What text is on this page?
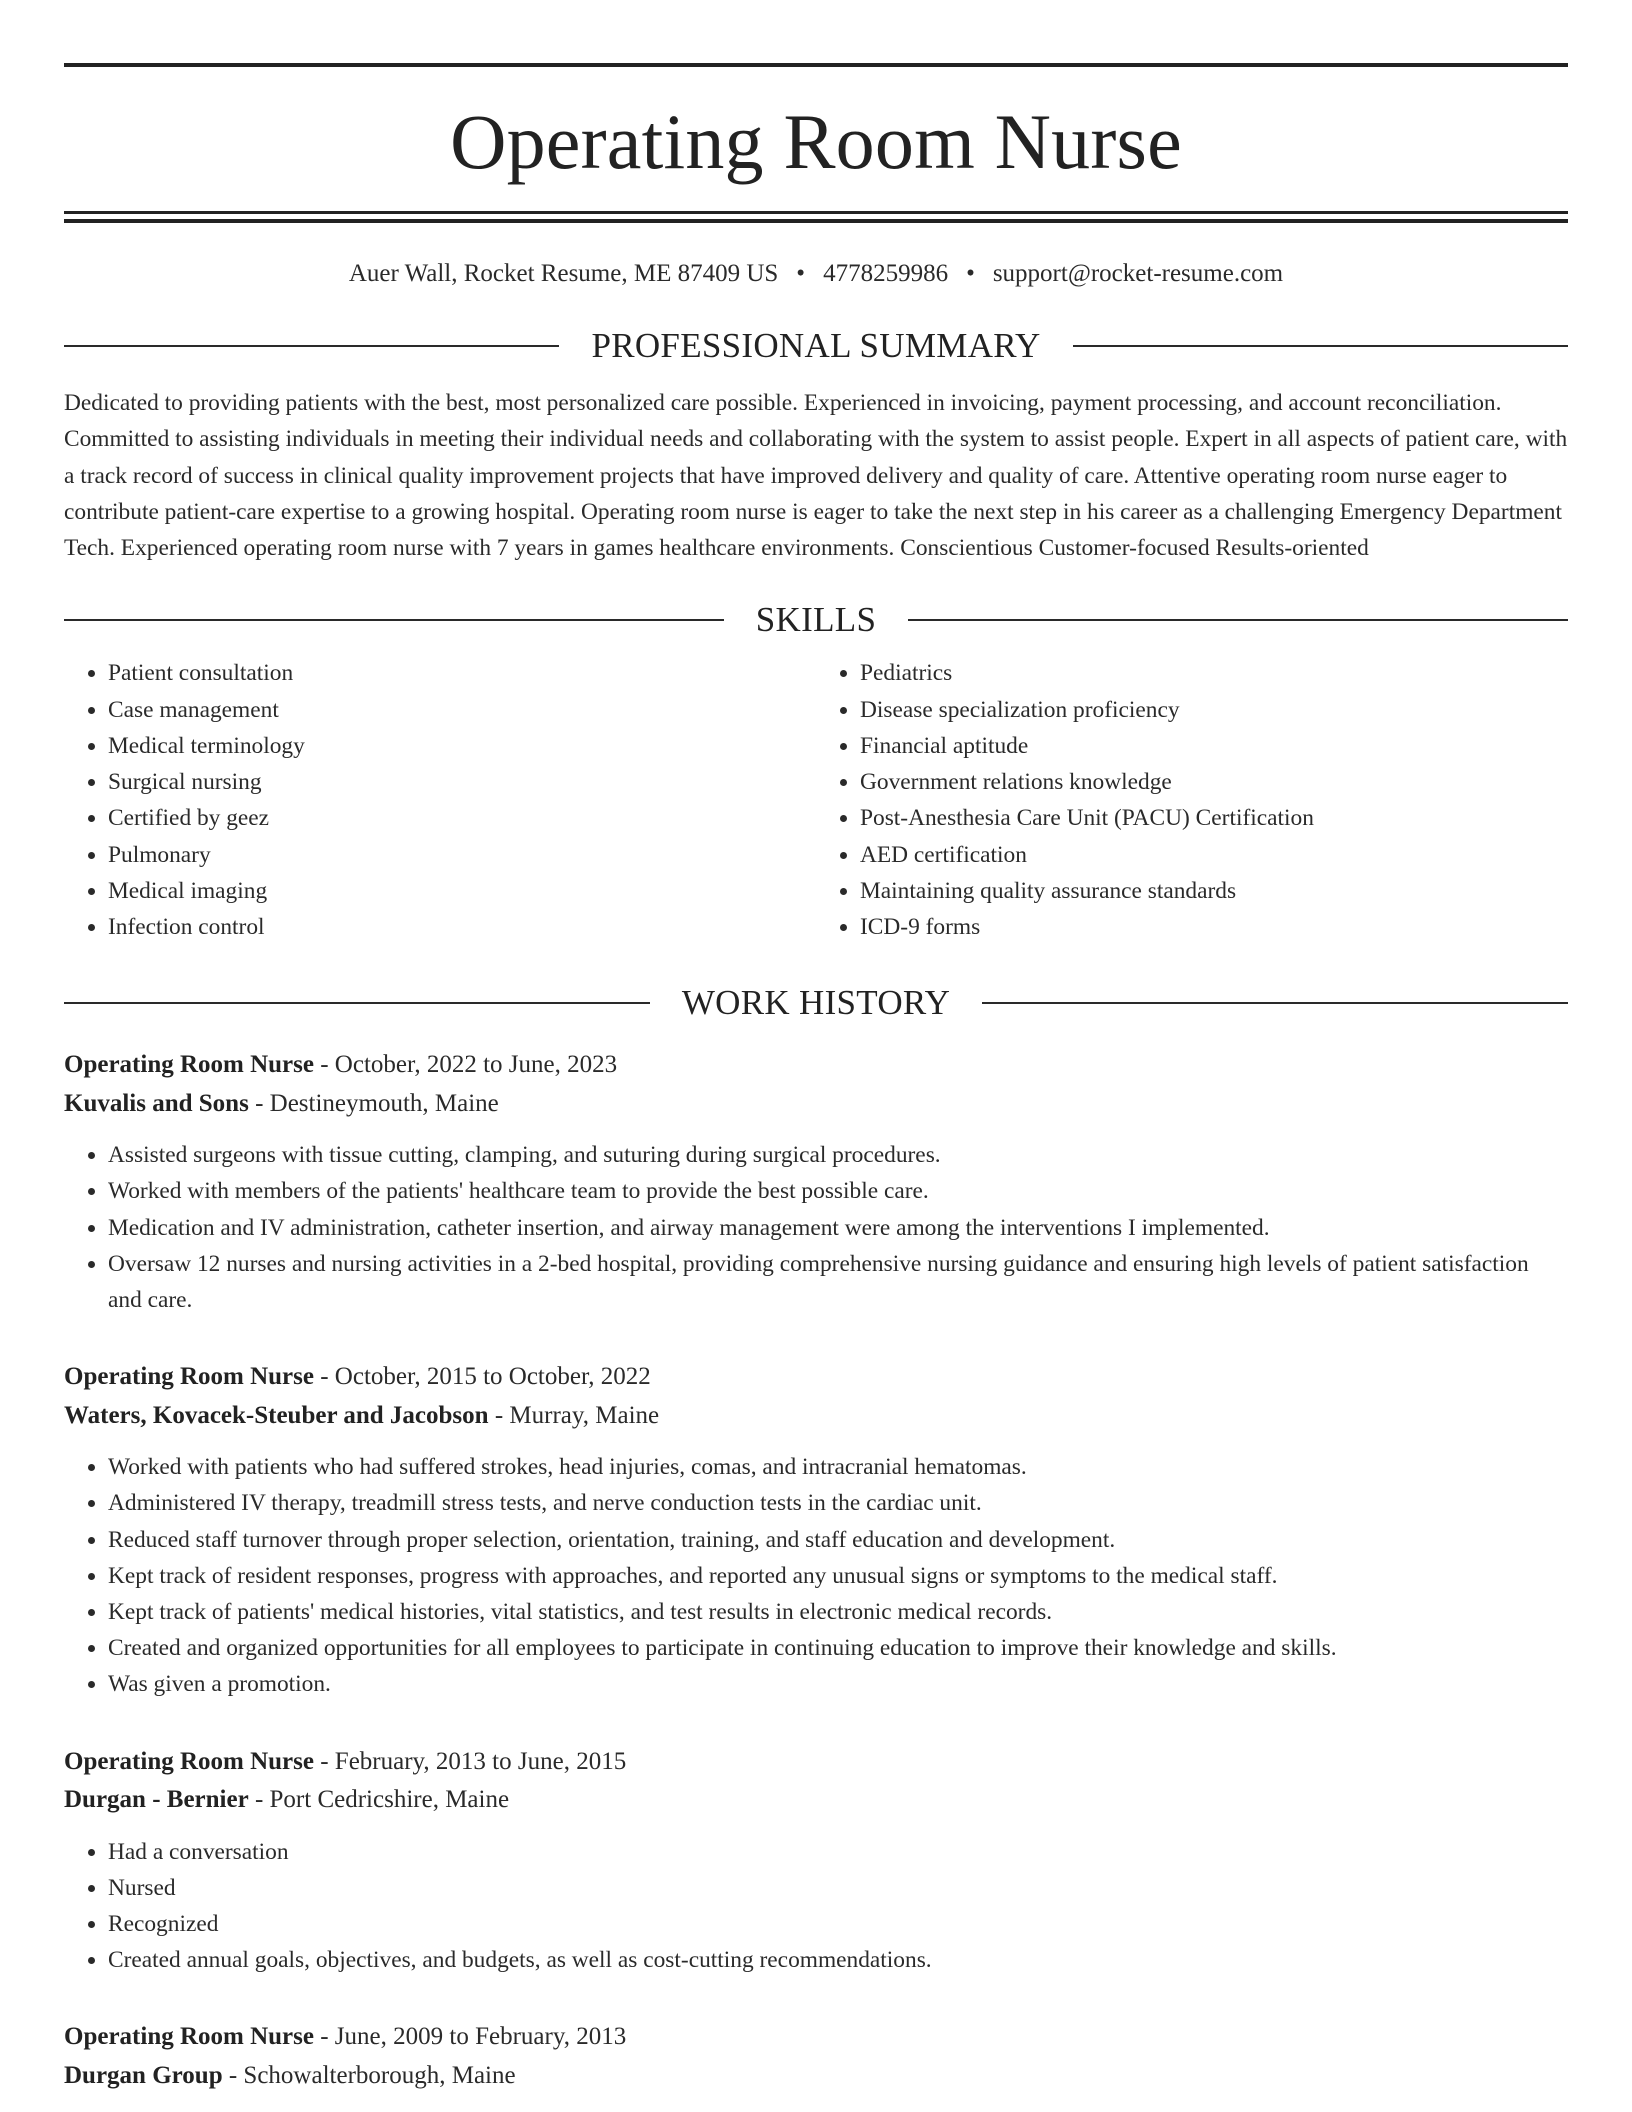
Operating Room Nurse
Auer Wall, Rocket Resume, ME 87409 US • 4778259986 • support@rocket-resume.com
PROFESSIONAL SUMMARY
Dedicated to providing patients with the best, most personalized care possible. Experienced in invoicing, payment processing, and account reconciliation. Committed to assisting individuals in meeting their individual needs and collaborating with the system to assist people. Expert in all aspects of patient care, with a track record of success in clinical quality improvement projects that have improved delivery and quality of care. Attentive operating room nurse eager to contribute patient-care expertise to a growing hospital. Operating room nurse is eager to take the next step in his career as a challenging Emergency Department Tech. Experienced operating room nurse with 7 years in games healthcare environments. Conscientious Customer-focused Results-oriented
SKILLS
• Patient consultation
• Case management
• Medical terminology
• Surgical nursing
• Certified by geez
• Pulmonary
• Medical imaging
• Infection control
• Pediatrics
• Disease specialization proficiency
• Financial aptitude
• Government relations knowledge
• Post-Anesthesia Care Unit (PACU) Certification
• AED certification
• Maintaining quality assurance standards
• ICD-9 forms
WORK HISTORY
Operating Room Nurse - October, 2022 to June, 2023
Kuvalis and Sons - Destineymouth, Maine
• Assisted surgeons with tissue cutting, clamping, and suturing during surgical procedures.
• Worked with members of the patients' healthcare team to provide the best possible care.
• Medication and IV administration, catheter insertion, and airway management were among the interventions I implemented.
• Oversaw 12 nurses and nursing activities in a 2-bed hospital, providing comprehensive nursing guidance and ensuring high levels of patient satisfaction and care.
Operating Room Nurse - October, 2015 to October, 2022
Waters, Kovacek-Steuber and Jacobson - Murray, Maine
• Worked with patients who had suffered strokes, head injuries, comas, and intracranial hematomas.
• Administered IV therapy, treadmill stress tests, and nerve conduction tests in the cardiac unit.
• Reduced staff turnover through proper selection, orientation, training, and staff education and development.
• Kept track of resident responses, progress with approaches, and reported any unusual signs or symptoms to the medical staff.
• Kept track of patients' medical histories, vital statistics, and test results in electronic medical records.
• Created and organized opportunities for all employees to participate in continuing education to improve their knowledge and skills.
• Was given a promotion.
Operating Room Nurse - February, 2013 to June, 2015
Durgan - Bernier - Port Cedricshire, Maine
• Had a conversation
• Nursed
• Recognized
• Created annual goals, objectives, and budgets, as well as cost-cutting recommendations.
Operating Room Nurse - June, 2009 to February, 2013
Durgan Group - Schowalterborough, Maine
